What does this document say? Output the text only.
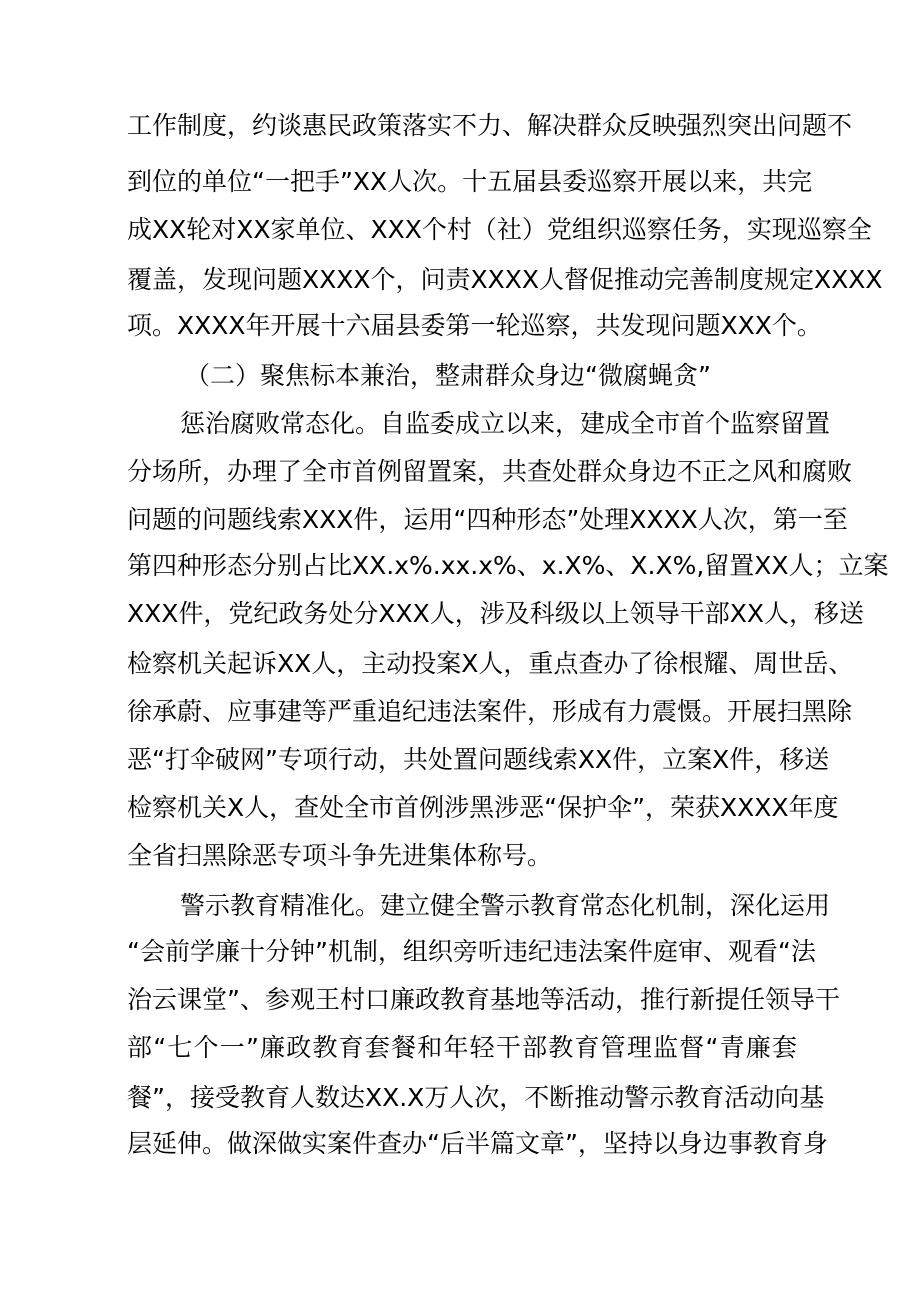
工作制度，约谈惠民政策落实不力、解决群众反映强烈突出问题不
到位的单位“一把手”XX人次。十五届县委巡察开展以来，共完
成XX轮对XX家单位、XXX个村（社）党组织巡察任务，实现巡察全
覆盖，发现问题XXXX个，问责XXXX人督促推动完善制度规定XXXX
项。XXXX年开展十六届县委第一轮巡察，共发现问题XXX个。
（二）聚焦标本兼治，整肃群众身边“微腐蝇贪”
惩治腐败常态化。自监委成立以来，建成全市首个监察留置
分场所，办理了全市首例留置案，共查处群众身边不正之风和腐败
问题的问题线索XXX件，运用“四种形态”处理XXXX人次，第一至
第四种形态分别占比XX.x%.xx.x%、x.X%、X.X%,留置XX人；立案
XXX件，党纪政务处分XXX人，涉及科级以上领导干部XX人，移送
检察机关起诉XX人，主动投案X人，重点查办了徐根耀、周世岳、
徐承蔚、应事建等严重追纪违法案件，形成有力震慑。开展扫黑除
恶“打伞破网”专项行动，共处置问题线索XX件，立案X件，移送
检察机关X人，查处全市首例涉黑涉恶“保护伞”，荣获XXXX年度
全省扫黑除恶专项斗争先进集体称号。
警示教育精准化。建立健全警示教育常态化机制，深化运用
“会前学廉十分钟”机制，组织旁听违纪违法案件庭审、观看“法
治云课堂”、参观王村口廉政教育基地等活动，推行新提任领导干
部“七个一”廉政教育套餐和年轻干部教育管理监督“青廉套
餐”，接受教育人数达XX.X万人次，不断推动警示教育活动向基
层延伸。做深做实案件查办“后半篇文章”，坚持以身边事教育身
